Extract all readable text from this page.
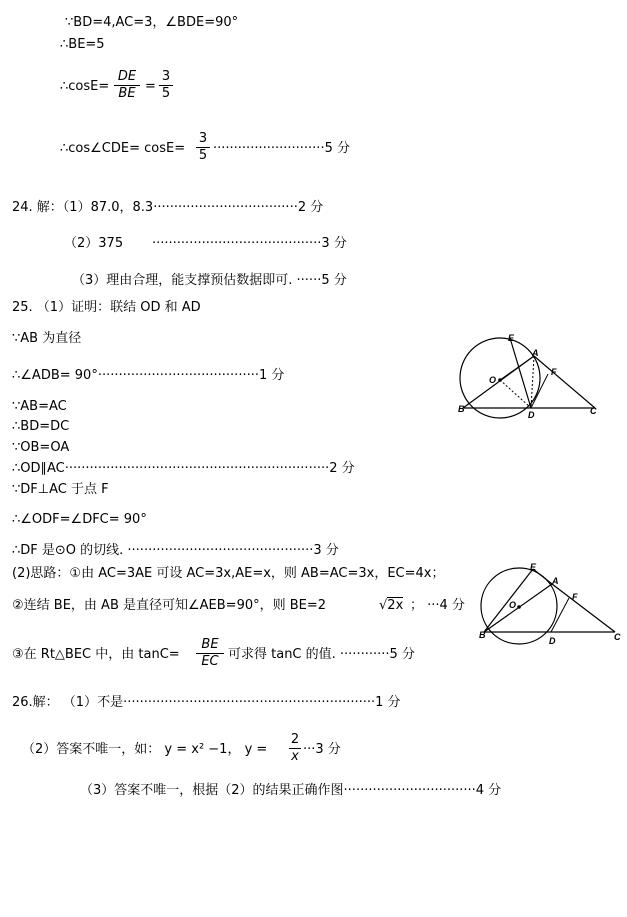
∵BD=4,AC=3，∠BDE=90°
∴BE=5
∴cosE= $\frac{DE}{BE} = \frac{3}{5}$
∴cos∠CDE= $\cos E= \frac{3}{5} \cdot\cdot\cdot\cdot\cdot\cdot\cdot\cdot\cdot\cdot\cdot\cdot\cdot\cdot\cdot\cdot\cdot\cdot\cdot\cdot\cdot\cdot\cdot\cdot\cdot\cdot\cdot 5$ 分
24. 解：（1）87.0，8.3···································2 分
（2）375 ·········································3 分
（3）理由合理，能支撑预估数据即可. ······5 分
25. （1）证明：联结 OD 和 AD
∵AB 为直径
∴∠ADB= 90°·······································1 分
∵AB=AC
∴BD=DC
∵OB=OA
∴OD∥AC································································2 分
∵DF⊥AC 于点 F
∴∠ODF=∠DFC= 90°
∴DF 是⊙O 的切线. ·············································3 分
(2)思路：①由 AC=3AE 可设 AC=3x,AE=x，则 AB=AC=3x，EC=4x；
②连结 BE，由 AB 是直径可知∠AEB=90°，则 BE=2	√2x ； ···4 分
③在 Rt△BEC 中，由 $\tan C= \frac{BE}{EC}$ 可求得 tanC 的值. ············5 分
26.解： （1）不是·····························································1 分
（2）答案不唯一，如： y = x² −1， $y = \frac{2}{x} \cdot\cdot\cdot 3$ 分
（3）答案不唯一，根据（2）的结果正确作图································4 分
E
A
F
O
B
D	C
E
A
F
O
B
D	C
